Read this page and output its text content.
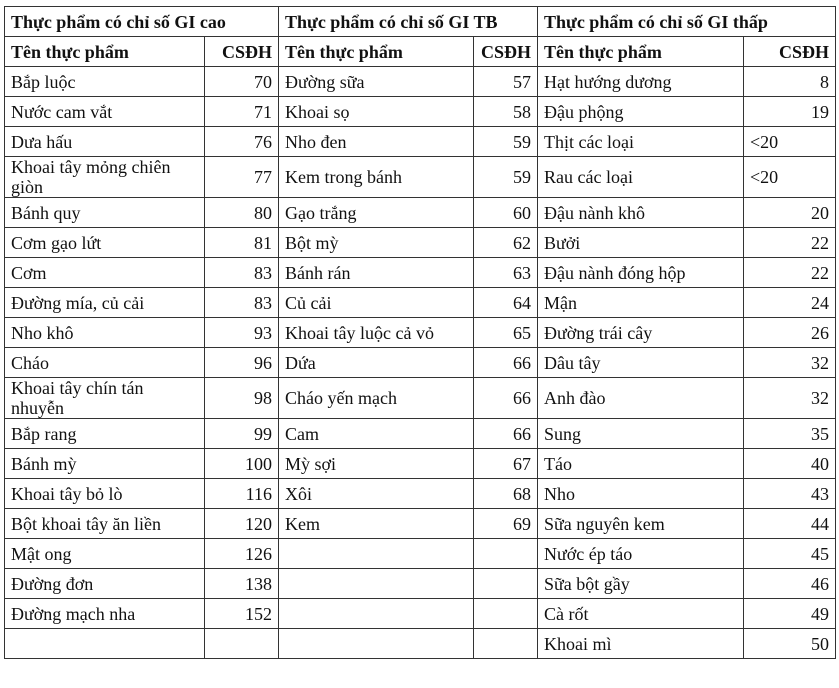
Thực phẩm có chỉ số GI cao		Thực phẩm có chỉ số GI TB		Thực phẩm có chỉ số GI thấp	
Tên thực phẩm	CSĐH	Tên thực phẩm	CSĐH	Tên thực phẩm	CSĐH
Bắp luộc	70	Đường sữa	57	Hạt hướng dương	8
Nước cam vắt	71	Khoai sọ	58	Đậu phộng	19
Dưa hấu	76	Nho đen	59	Thịt các loại	<20
Khoai tây mỏng chiên giòn	77	Kem trong bánh	59	Rau các loại	<20
Bánh quy	80	Gạo trắng	60	Đậu nành khô	20
Cơm gạo lứt	81	Bột mỳ	62	Bưởi	22
Cơm	83	Bánh rán	63	Đậu nành đóng hộp	22
Đường mía, củ cải	83	Củ cải	64	Mận	24
Nho khô	93	Khoai tây luộc cả vỏ	65	Đường trái cây	26
Cháo	96	Dứa	66	Dâu tây	32
Khoai tây chín tán nhuyễn	98	Cháo yến mạch	66	Anh đào	32
Bắp rang	99	Cam	66	Sung	35
Bánh mỳ	100	Mỳ sợi	67	Táo	40
Khoai tây bỏ lò	116	Xôi	68	Nho	43
Bột khoai tây ăn liền	120	Kem	69	Sữa nguyên kem	44
Mật ong	126			Nước ép táo	45
Đường đơn	138			Sữa bột gầy	46
Đường mạch nha	152			Cà rốt	49
				Khoai mì	50
